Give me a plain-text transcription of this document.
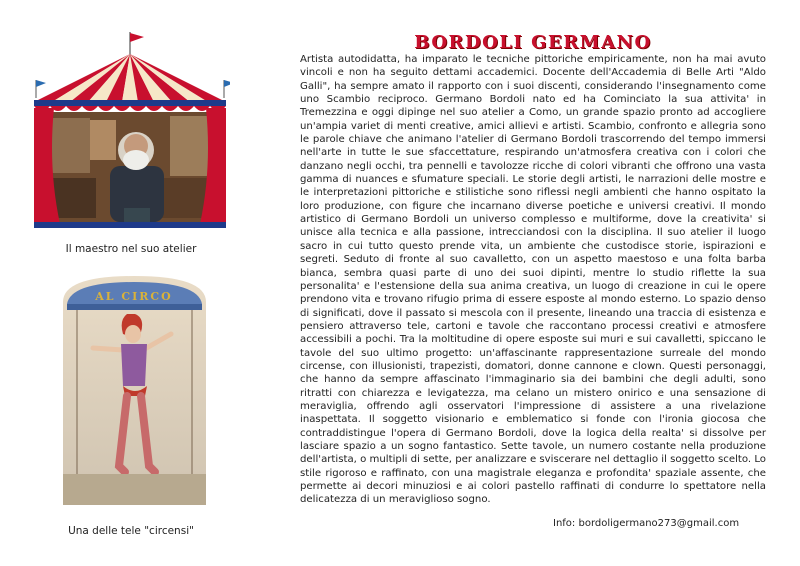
Il maestro nel suo atelier
AL CIRCO
Una delle tele "circensi"
BORDOLI GERMANO

Artista autodidatta, ha imparato le tecniche pittoriche empiricamente, non ha mai avuto vincoli e non ha seguito dettami accademici. Docente dell'Accademia di Belle Arti "Aldo Galli", ha sempre amato il rapporto con i suoi discenti, considerando l'insegnamento come uno Scambio reciproco. Germano Bordoli nato ed ha Cominciato la sua attivita' in Tremezzina e oggi dipinge nel suo atelier a Como, un grande spazio pronto ad accogliere un'ampia variet di menti creative, amici allievi e artisti. Scambio, confronto e allegria sono le parole chiave che animano l'atelier di Germano Bordoli trascorrendo del tempo immersi nell'arte in tutte le sue sfaccettature, respirando un'atmosfera creativa con i colori che danzano negli occhi, tra pennelli e tavolozze ricche di colori vibranti che offrono una vasta gamma di nuances e sfumature speciali. Le storie degli artisti, le narrazioni delle mostre e le interpretazioni pittoriche e stilistiche sono riflessi negli ambienti che hanno ospitato la loro produzione, con figure che incarnano diverse poetiche e universi creativi. Il mondo artistico di Germano Bordoli un universo complesso e multiforme, dove la creativita' si unisce alla tecnica e alla passione, intrecciandosi con la disciplina. Il suo atelier il luogo sacro in cui tutto questo prende vita, un ambiente che custodisce storie, ispirazioni e segreti. Seduto di fronte al suo cavalletto, con un aspetto maestoso e una folta barba bianca, sembra quasi parte di uno dei suoi dipinti, mentre lo studio riflette la sua personalita' e l'estensione della sua anima creativa, un luogo di creazione in cui le opere prendono vita e trovano rifugio prima di essere esposte al mondo esterno. Lo spazio denso di significati, dove il passato si mescola con il presente, lineando una traccia di esistenza e pensiero attraverso tele, cartoni e tavole che raccontano processi creativi e atmosfere accessibili a pochi. Tra la moltitudine di opere esposte sui muri e sui cavalletti, spiccano le tavole del suo ultimo progetto: un'affascinante rappresentazione surreale del mondo circense, con illusionisti, trapezisti, domatori, donne cannone e clown. Questi personaggi, che hanno da sempre affascinato l'immaginario sia dei bambini che degli adulti, sono ritratti con chiarezza e levigatezza, ma celano un mistero onirico e una sensazione di meraviglia, offrendo agli osservatori l'impressione di assistere a una rivelazione inaspettata. Il soggetto visionario e emblematico si fonde con l'ironia giocosa che contraddistingue l'opera di Germano Bordoli, dove la logica della realta' si dissolve per lasciare spazio a un sogno fantastico. Sette tavole, un numero costante nella produzione dell'artista, o multipli di sette, per analizzare e sviscerare nel dettaglio il soggetto scelto. Lo stile rigoroso e raffinato, con una magistrale eleganza e profondita' spaziale assente, che permette ai decori minuziosi e ai colori pastello raffinati di condurre lo spettatore nella delicatezza di un meraviglioso sogno.

Info: bordoligermano273@gmail.com
